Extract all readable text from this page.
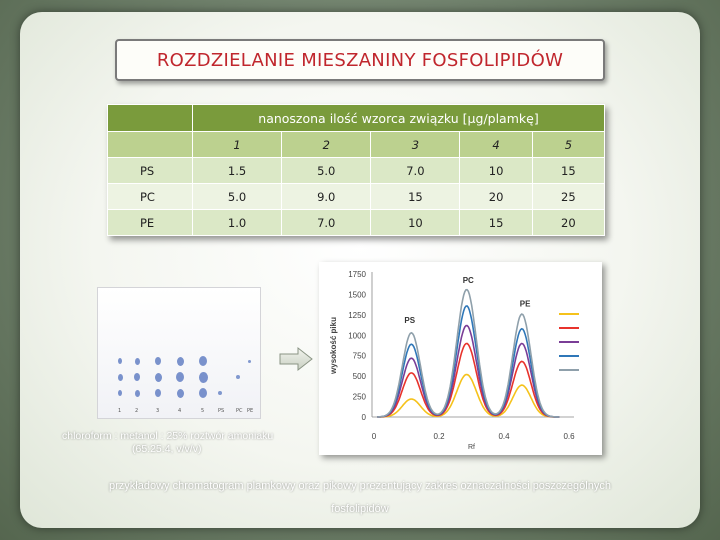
ROZDZIELANIE MIESZANINY FOSFOLIPIDÓW
	nanoszona ilość wzorca związku [μg/plamkę]				
	1	2	3	4	5
PS	1.5	5.0	7.0	10	15
PC	5.0	9.0	15	20	25
PE	1.0	7.0	10	15	20
1	2	3	4	5	PS PC PE
0
250
500
750
1000
1250
1500
1750
0	0.2	0.4	0.6
wysokość piku
Rf
PS
PC
PE
chloroform : metanol : 25% roztwór amoniaku
(65:25:4, v/v/v)
przykładowy chromatogram plamkowy oraz pikowy prezentujący zakres oznaczalności poszczególnych
fosfolipidów
